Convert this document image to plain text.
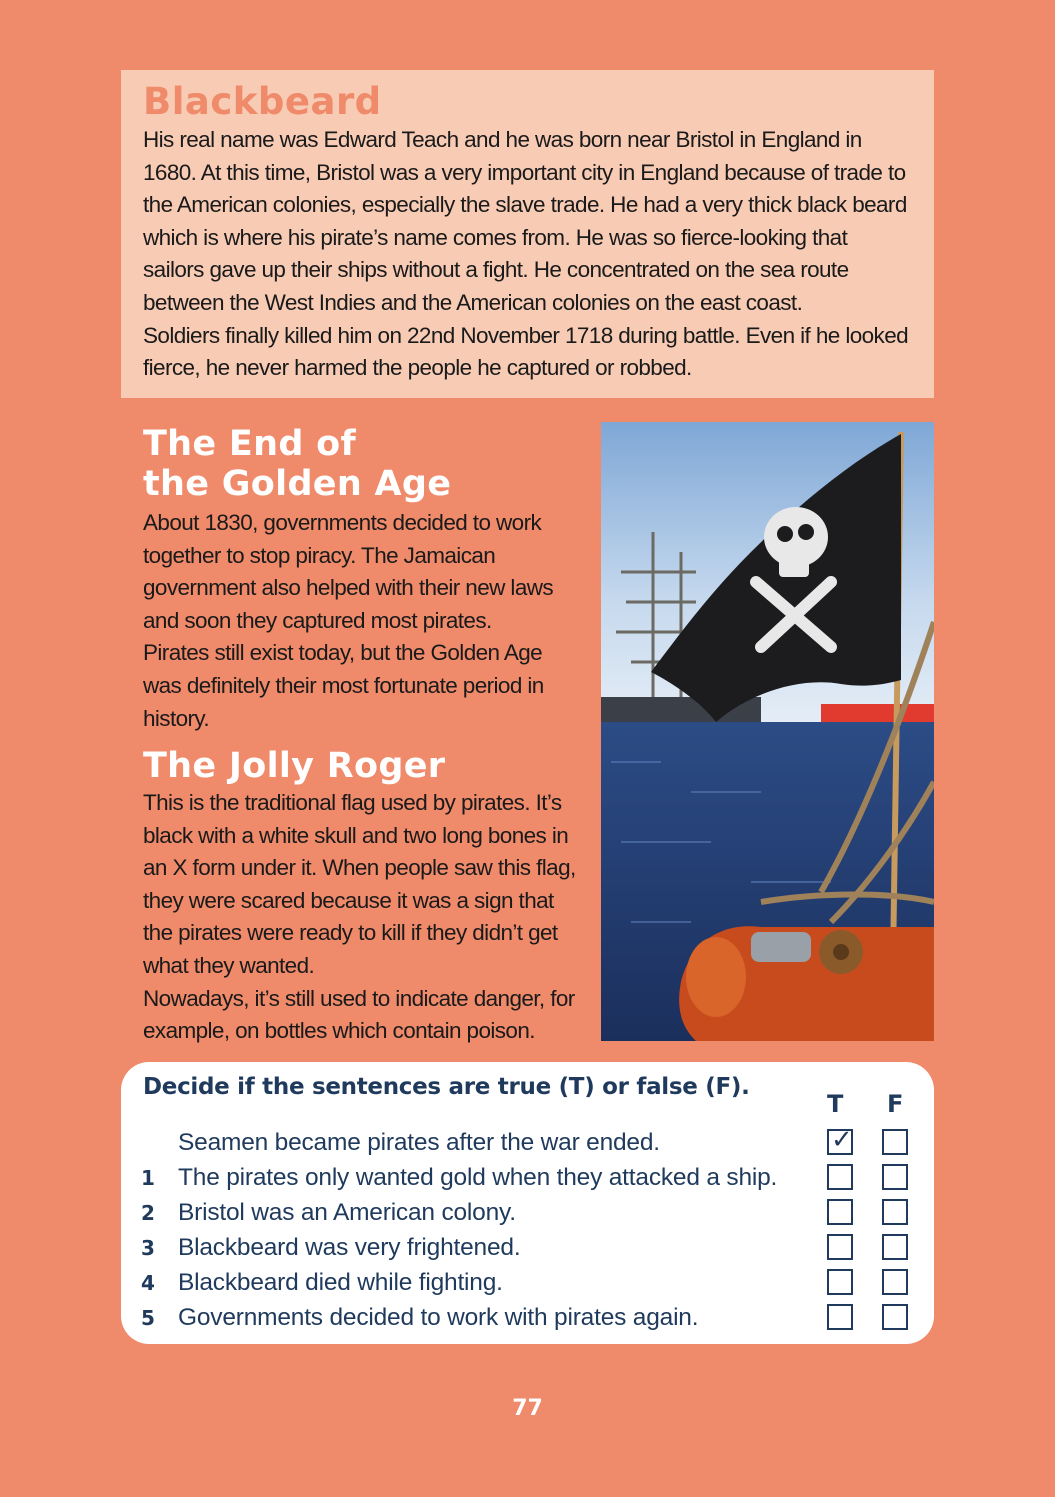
Blackbeard

His real name was Edward Teach and he was born near Bristol in England in 1680. At this time, Bristol was a very important city in England because of trade to the American colonies, especially the slave trade. He had a very thick black beard which is where his pirate’s name comes from. He was so fierce-looking that sailors gave up their ships without a fight. He concentrated on the sea route between the West Indies and the American colonies on the east coast.

Soldiers finally killed him on 22nd November 1718 during battle. Even if he looked fierce, he never harmed the people he captured or robbed.

The End of
the Golden Age

About 1830, governments decided to work together to stop piracy. The Jamaican government also helped with their new laws and soon they captured most pirates. Pirates still exist today, but the Golden Age was definitely their most fortunate period in history.

The Jolly Roger

This is the traditional flag used by pirates. It’s black with a white skull and two long bones in an X form under it. When people saw this flag, they were scared because it was a sign that the pirates were ready to kill if they didn’t get what they wanted.

Nowadays, it’s still used to indicate danger, for example, on bottles which contain poison.

Decide if the sentences are true (T) or false (F).

T F
Seamen became pirates after the war ended.	✓
1 The pirates only wanted gold when they attacked a ship.
2 Bristol was an American colony.
3 Blackbeard was very frightened.
4 Blackbeard died while fighting.
5 Governments decided to work with pirates again.
77
